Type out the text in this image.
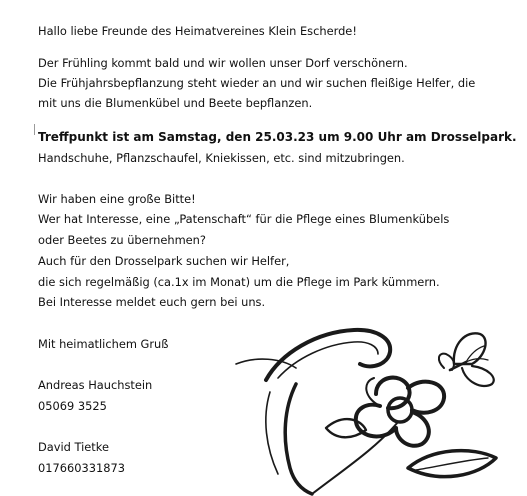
Hallo liebe Freunde des Heimatvereines Klein Escherde!
Der Frühling kommt bald und wir wollen unser Dorf verschönern.
Die Frühjahrsbepflanzung steht wieder an und wir suchen fleißige Helfer, die
mit uns die Blumenkübel und Beete bepflanzen.
Treffpunkt ist am Samstag, den 25.03.23 um 9.00 Uhr am Drosselpark.
Handschuhe, Pflanzschaufel, Kniekissen, etc. sind mitzubringen.
Wir haben eine große Bitte!
Wer hat Interesse, eine „Patenschaft“ für die Pflege eines Blumenkübels
oder Beetes zu übernehmen?
Auch für den Drosselpark suchen wir Helfer,
die sich regelmäßig (ca.1x im Monat) um die Pflege im Park kümmern.
Bei Interesse meldet euch gern bei uns.
Mit heimatlichem Gruß
Andreas Hauchstein
05069 3525
David Tietke
017660331873
